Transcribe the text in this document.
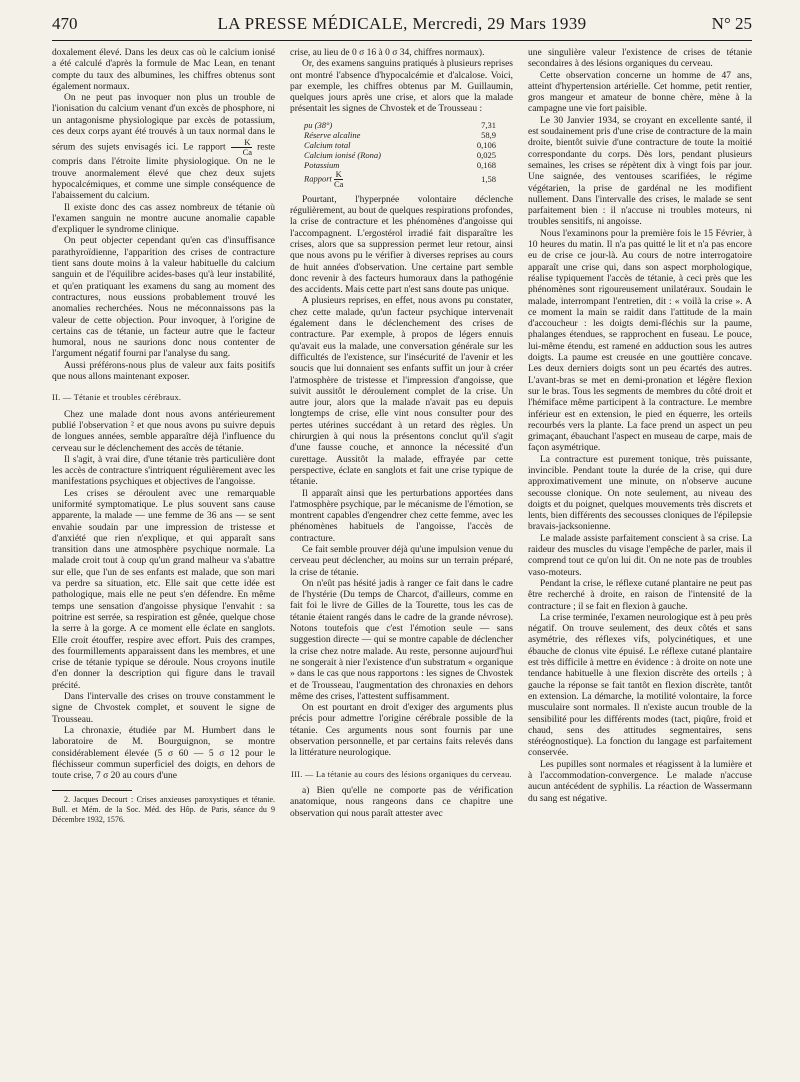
470	LA PRESSE MÉDICALE, Mercredi, 29 Mars 1939	N° 25

doxalement élevé. Dans les deux cas où le calcium ionisé a été calculé d'après la formule de Mac Lean, en tenant compte du taux des albumines, les chiffres obtenus sont également normaux.

On ne peut pas invoquer non plus un trouble de l'ionisation du calcium venant d'un excès de phosphore, ni un antagonisme physiologique par excès de potassium, ces deux corps ayant été trouvés à un taux normal dans le sérum des sujets envisagés ici. Le rapport $\frac{K}{Ca}$ reste compris dans l'étroite limite physiologique. On ne le trouve anormalement élevé que chez deux sujets hypocalcémiques, et comme une simple conséquence de l'abaissement du calcium.

Il existe donc des cas assez nombreux de tétanie où l'examen sanguin ne montre aucune anomalie capable d'expliquer le syndrome clinique.

On peut objecter cependant qu'en cas d'insuffisance parathyroïdienne, l'apparition des crises de contracture tient sans doute moins à la valeur habituelle du calcium sanguin et de l'équilibre acides-bases qu'à leur instabilité, et qu'en pratiquant les examens du sang au moment des contractures, nous eussions probablement trouvé les anomalies recherchées. Nous ne méconnaissons pas la valeur de cette objection. Pour invoquer, à l'origine de certains cas de tétanie, un facteur autre que le facteur humoral, nous ne saurions donc nous contenter de l'argument négatif fourni par l'analyse du sang.

Aussi préférons-nous plus de valeur aux faits positifs que nous allons maintenant exposer.

II. — Tétanie et troubles cérébraux.

Chez une malade dont nous avons antérieurement publié l'observation ² et que nous avons pu suivre depuis de longues années, semble apparaître déjà l'influence du cerveau sur le déclenchement des accès de tétanie.

Il s'agit, à vrai dire, d'une tétanie très particulière dont les accès de contracture s'intriquent régulièrement avec les manifestations psychiques et objectives de l'angoisse.

Les crises se déroulent avec une remarquable uniformité symptomatique. Le plus souvent sans cause apparente, la malade — une femme de 36 ans — se sent envahie soudain par une impression de tristesse et d'anxiété que rien n'explique, et qui apparaît sans transition dans une atmosphère psychique normale. La malade croit tout à coup qu'un grand malheur va s'abattre sur elle, que l'un de ses enfants est malade, que son mari va perdre sa situation, etc. Elle sait que cette idée est pathologique, mais elle ne peut s'en défendre. En même temps une sensation d'angoisse physique l'envahit : sa poitrine est serrée, sa respiration est gênée, quelque chose la serre à la gorge. A ce moment elle éclate en sanglots. Elle croit étouffer, respire avec effort. Puis des crampes, des fourmillements apparaissent dans les membres, et une crise de tétanie typique se déroule. Nous croyons inutile d'en donner la description qui figure dans le travail précité.

Dans l'intervalle des crises on trouve constamment le signe de Chvostek complet, et souvent le signe de Trousseau.

La chronaxie, étudiée par M. Humbert dans le laboratoire de M. Bourguignon, se montre considérablement élevée (5 σ 60 — 5 σ 12 pour le fléchisseur commun superficiel des doigts, en dehors de toute crise, 7 σ 20 au cours d'une

2. Jacques Decourt : Crises anxieuses paroxystiques et tétanie. Bull. et Mém. de la Soc. Méd. des Hôp. de Paris, séance du 9 Décembre 1932, 1576.

crise, au lieu de 0 σ 16 à 0 σ 34, chiffres normaux).

Or, des examens sanguins pratiqués à plusieurs reprises ont montré l'absence d'hypocalcémie et d'alcalose. Voici, par exemple, les chiffres obtenus par M. Guillaumin, quelques jours après une crise, et alors que la malade présentait les signes de Chvostek et de Trousseau :

pu (38°)	7,31
Réserve alcaline	58,9
Calcium total	0,106
Calcium ionisé (Rona)	0,025
Potassium	0,168
Rapport $\frac{K}{Ca}$	1,58

Pourtant, l'hyperpnée volontaire déclenche régulièrement, au bout de quelques respirations profondes, la crise de contracture et les phénomènes d'angoisse qui l'accompagnent. L'ergostérol irradié fait disparaître les crises, alors que sa suppression permet leur retour, ainsi que nous avons pu le vérifier à diverses reprises au cours de huit années d'observation. Une certaine part semble donc revenir à des facteurs humoraux dans la pathogénie des accidents. Mais cette part n'est sans doute pas unique.

A plusieurs reprises, en effet, nous avons pu constater, chez cette malade, qu'un facteur psychique intervenait également dans le déclenchement des crises de contracture. Par exemple, à propos de légers ennuis qu'avait eus la malade, une conversation générale sur les difficultés de l'existence, sur l'insécurité de l'avenir et les soucis que lui donnaient ses enfants suffit un jour à créer l'atmosphère de tristesse et l'impression d'angoisse, que suivit aussitôt le déroulement complet de la crise. Un autre jour, alors que la malade n'avait pas eu depuis longtemps de crise, elle vint nous consulter pour des pertes utérines succédant à un retard des règles. Un chirurgien à qui nous la présentons conclut qu'il s'agit d'une fausse couche, et annonce la nécessité d'un curettage. Aussitôt la malade, effrayée par cette perspective, éclate en sanglots et fait une crise typique de tétanie.

Il apparaît ainsi que les perturbations apportées dans l'atmosphère psychique, par le mécanisme de l'émotion, se montrent capables d'engendrer chez cette femme, avec les phénomènes habituels de l'angoisse, l'accès de contracture.

Ce fait semble prouver déjà qu'une impulsion venue du cerveau peut déclencher, au moins sur un terrain préparé, la crise de tétanie.

On n'eût pas hésité jadis à ranger ce fait dans le cadre de l'hystérie (Du temps de Charcot, d'ailleurs, comme en fait foi le livre de Gilles de la Tourette, tous les cas de tétanie étaient rangés dans le cadre de la grande névrose). Notons toutefois que c'est l'émotion seule — sans suggestion directe — qui se montre capable de déclencher la crise chez notre malade. Au reste, personne aujourd'hui ne songerait à nier l'existence d'un substratum « organique » dans le cas que nous rapportons : les signes de Chvostek et de Trousseau, l'augmentation des chronaxies en dehors même des crises, l'attestent suffisamment.

On est pourtant en droit d'exiger des arguments plus précis pour admettre l'origine cérébrale possible de la tétanie. Ces arguments nous sont fournis par une observation personnelle, et par certains faits relevés dans la littérature neurologique.

III. — La tétanie au cours des lésions organiques du cerveau.

a) Bien qu'elle ne comporte pas de vérification anatomique, nous rangeons dans ce chapitre une observation qui nous paraît attester avec

une singulière valeur l'existence de crises de tétanie secondaires à des lésions organiques du cerveau.

Cette observation concerne un homme de 47 ans, atteint d'hypertension artérielle. Cet homme, petit rentier, gros mangeur et amateur de bonne chère, mène à la campagne une vie fort paisible.

Le 30 Janvier 1934, se croyant en excellente santé, il est soudainement pris d'une crise de contracture de la main droite, bientôt suivie d'une contracture de toute la moitié correspondante du corps. Dès lors, pendant plusieurs semaines, les crises se répètent dix à vingt fois par jour. Une saignée, des ventouses scarifiées, le régime végétarien, la prise de gardénal ne les modifient nullement. Dans l'intervalle des crises, le malade se sent parfaitement bien : il n'accuse ni troubles moteurs, ni troubles sensitifs, ni angoisse.

Nous l'examinons pour la première fois le 15 Février, à 10 heures du matin. Il n'a pas quitté le lit et n'a pas encore eu de crise ce jour-là. Au cours de notre interrogatoire apparaît une crise qui, dans son aspect morphologique, réalise typiquement l'accès de tétanie, à ceci près que les phénomènes sont rigoureusement unilatéraux. Soudain le malade, interrompant l'entretien, dit : « voilà la crise ». A ce moment la main se raidit dans l'attitude de la main d'accoucheur : les doigts demi-fléchis sur la paume, phalanges étendues, se rapprochent en fuseau. Le pouce, lui-même étendu, est ramené en adduction sous les autres doigts. La paume est creusée en une gouttière concave. Les deux derniers doigts sont un peu écartés des autres. L'avant-bras se met en demi-pronation et légère flexion sur le bras. Tous les segments de membres du côté droit et l'hémiface même participent à la contracture. Le membre inférieur est en extension, le pied en équerre, les orteils recourbés vers la plante. La face prend un aspect un peu grimaçant, ébauchant l'aspect en museau de carpe, mais de façon asymétrique.

La contracture est purement tonique, très puissante, invincible. Pendant toute la durée de la crise, qui dure approximativement une minute, on n'observe aucune secousse clonique. On note seulement, au niveau des doigts et du poignet, quelques mouvements très discrets et lents, bien différents des secousses cloniques de l'épilepsie bravais-jacksonienne.

Le malade assiste parfaitement conscient à sa crise. La raideur des muscles du visage l'empêche de parler, mais il comprend tout ce qu'on lui dit. On ne note pas de troubles vaso-moteurs.

Pendant la crise, le réflexe cutané plantaire ne peut pas être recherché à droite, en raison de l'intensité de la contracture ; il se fait en flexion à gauche.

La crise terminée, l'examen neurologique est à peu près négatif. On trouve seulement, des deux côtés et sans asymétrie, des réflexes vifs, polycinétiques, et une ébauche de clonus vite épuisé. Le réflexe cutané plantaire est très difficile à mettre en évidence : à droite on note une tendance habituelle à une flexion discrète des orteils ; à gauche la réponse se fait tantôt en flexion discrète, tantôt en extension. La démarche, la motilité volontaire, la force musculaire sont normales. Il n'existe aucun trouble de la sensibilité pour les différents modes (tact, piqûre, froid et chaud, sens des attitudes segmentaires, sens stéréognostique). La fonction du langage est parfaitement conservée.

Les pupilles sont normales et réagissent à la lumière et à l'accommodation-convergence. Le malade n'accuse aucun antécédent de syphilis. La réaction de Wassermann du sang est négative.
